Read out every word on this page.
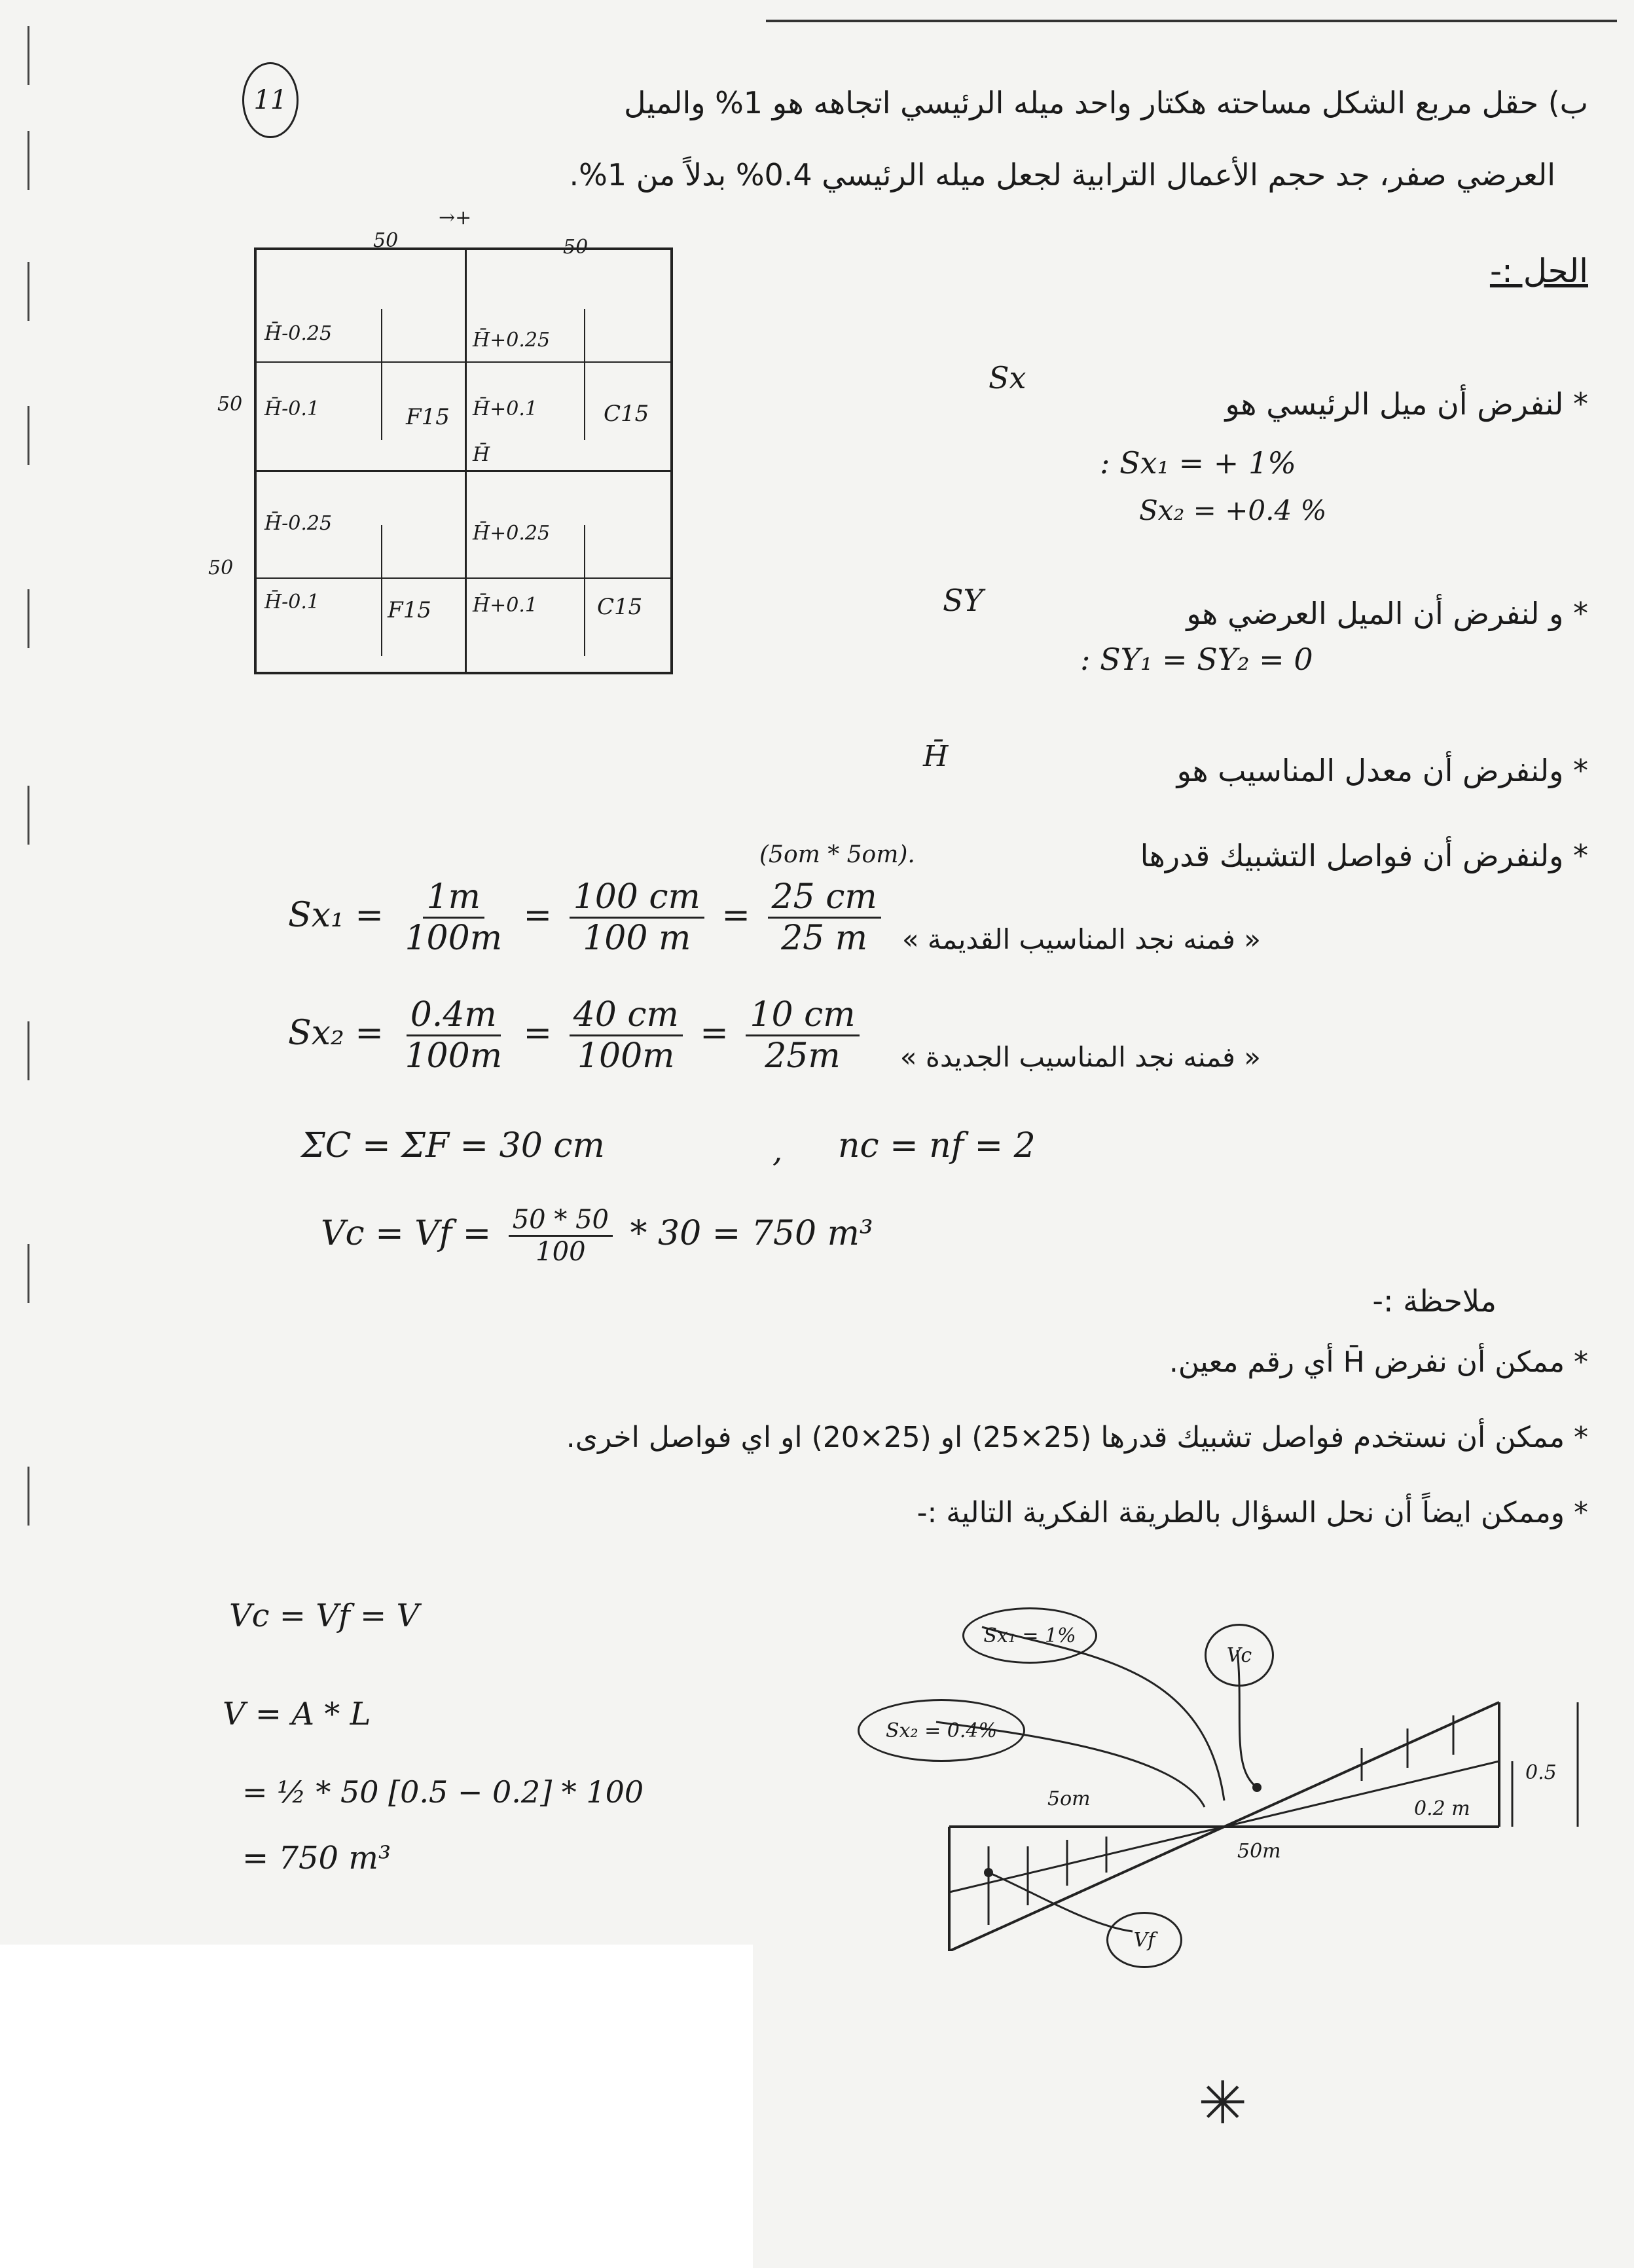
11	ب) حقل مربع الشكل مساحته هكتار واحد ميله الرئيسي اتجاهه هو 1% والميل
العرضي صفر، جد حجم الأعمال الترابية لجعل ميله الرئيسي 0.4% بدلاً من 1%.
الحل :-
50	50
→+
50
50
H̄-0.25
H̄-0.1	F15
H̄+0.25
H̄+0.1	C15
H̄-0.25
H̄-0.1	F15
H̄+0.25
H̄+0.1	C15
H̄
Sx
* لنفرض أن ميل الرئيسي هو
: Sx₁ = + 1%
Sx₂ = +0.4 %
SY	* و لنفرض أن الميل العرضي هو
: SY₁ = SY₂ = 0
H̄	* ولنفرض أن معدل المناسيب هو
* ولنفرض أن فواصل التشبيك قدرها
(5om * 5om).
« فمنه نجد المناسيب القديمة »
« فمنه نجد المناسيب الجديدة »
$Sx_1 = \frac{1m}{100m} = \frac{100 cm}{100 m} = \frac{25 cm}{25 m}$
$Sx_2 = \frac{0.4m}{100m} = \frac{40 cm}{100m} = \frac{10 cm}{25m}$
ΣC = ΣF = 30 cm	, nc = nf = 2
$Vc = Vf = \frac{50 * 50}{100} * 30 = 750$ m³
ملاحظة :-
* ممكن أن نفرض H̄ أي رقم معين.
* ممكن أن نستخدم فواصل تشبيك قدرها (25×25) او (25×20) او اي فواصل اخرى.
* وممكن ايضاً أن نحل السؤال بالطريقة الفكرية التالية :-
Vc = Vf = V
V = A * L
= ½ * 50 [0.5 − 0.2] * 100
= 750 m³
Sx₁ = 1%
Sx₂ = 0.4%
Vc
Vf
5om
50m
0.5
0.2 m
✳
